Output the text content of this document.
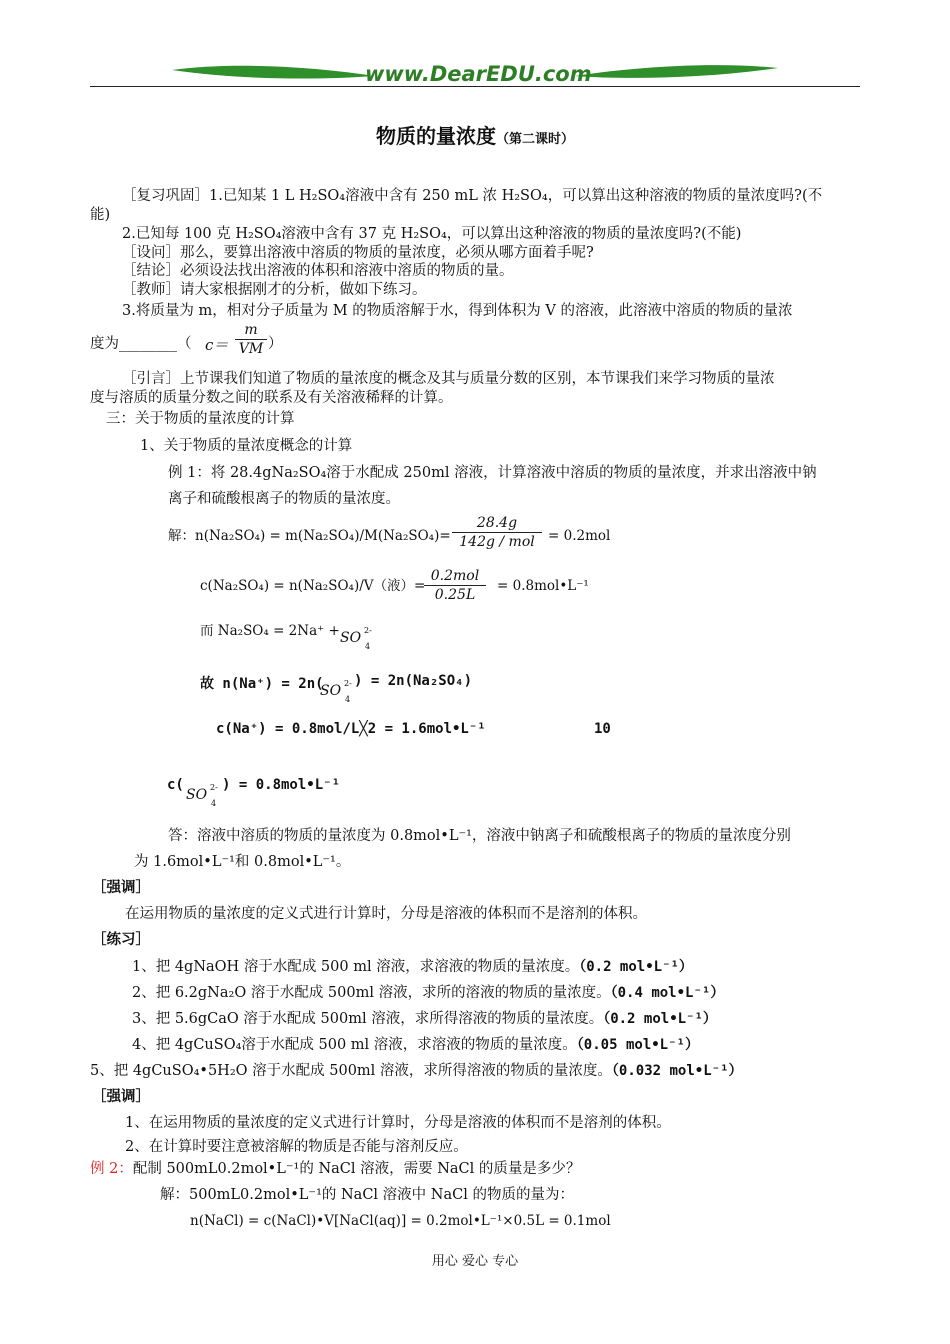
www.DearEDU.com
物质的量浓度（第二课时）
［复习巩固］1.已知某 1 L H₂SO₄溶液中含有 250 mL 浓 H₂SO₄，可以算出这种溶液的物质的量浓度吗?(不
能)
2.已知每 100 克 H₂SO₄溶液中含有 37 克 H₂SO₄，可以算出这种溶液的物质的量浓度吗?(不能)
［设问］那么，要算出溶液中溶质的物质的量浓度，必须从哪方面着手呢?
［结论］必须设法找出溶液的体积和溶液中溶质的物质的量。
［教师］请大家根据刚才的分析，做如下练习。
3.将质量为 m，相对分子质量为 M 的物质溶解于水，得到体积为 V 的溶液，此溶液中溶质的物质的量浓
度为________（ c＝
m
VM ）
［引言］上节课我们知道了物质的量浓度的概念及其与质量分数的区别，本节课我们来学习物质的量浓
度与溶质的质量分数之间的联系及有关溶液稀释的计算。
三：关于物质的量浓度的计算
1、关于物质的量浓度概念的计算
例 1：将 28.4gNa₂SO₄溶于水配成 250ml 溶液，计算溶液中溶质的物质的量浓度，并求出溶液中钠
离子和硫酸根离子的物质的量浓度。
解：n(Na₂SO₄) = m(Na₂SO₄)/M(Na₂SO₄)=
28.4g
142g / mol = 0.2mol
c(Na₂SO₄) = n(Na₂SO₄)/V（液）=
0.2mol
0.25L
= 0.8mol•L⁻¹
而 Na₂SO₄ = 2Na⁺ + SO 2-
4
故 n(Na⁺) = 2n(
SO 2-
4
) = 2n(Na₂SO₄)
c(Na⁺) = 0.8mol/L╳2 = 1.6mol•L⁻¹	10
c(
SO 2-
4
) = 0.8mol•L⁻¹
答：溶液中溶质的物质的量浓度为 0.8mol•L⁻¹，溶液中钠离子和硫酸根离子的物质的量浓度分别
为 1.6mol•L⁻¹和 0.8mol•L⁻¹。
［强调］
在运用物质的量浓度的定义式进行计算时，分母是溶液的体积而不是溶剂的体积。
［练习］
1、把 4gNaOH 溶于水配成 500 ml 溶液，求溶液的物质的量浓度。（0.2 mol•L⁻¹）
2、把 6.2gNa₂O 溶于水配成 500ml 溶液，求所的溶液的物质的量浓度。（0.4 mol•L⁻¹）
3、把 5.6gCaO 溶于水配成 500ml 溶液，求所得溶液的物质的量浓度。（0.2 mol•L⁻¹）
4、把 4gCuSO₄溶于水配成 500 ml 溶液，求溶液的物质的量浓度。（0.05 mol•L⁻¹）
5、把 4gCuSO₄•5H₂O 溶于水配成 500ml 溶液，求所得溶液的物质的量浓度。（0.032 mol•L⁻¹）
［强调］
1、在运用物质的量浓度的定义式进行计算时，分母是溶液的体积而不是溶剂的体积。
2、在计算时要注意被溶解的物质是否能与溶剂反应。
例 2：配制 500mL0.2mol•L⁻¹的 NaCl 溶液，需要 NaCl 的质量是多少？
解：500mL0.2mol•L⁻¹的 NaCl 溶液中 NaCl 的物质的量为：
n(NaCl) = c(NaCl)•V[NaCl(aq)] = 0.2mol•L⁻¹×0.5L = 0.1mol
用心 爱心 专心
